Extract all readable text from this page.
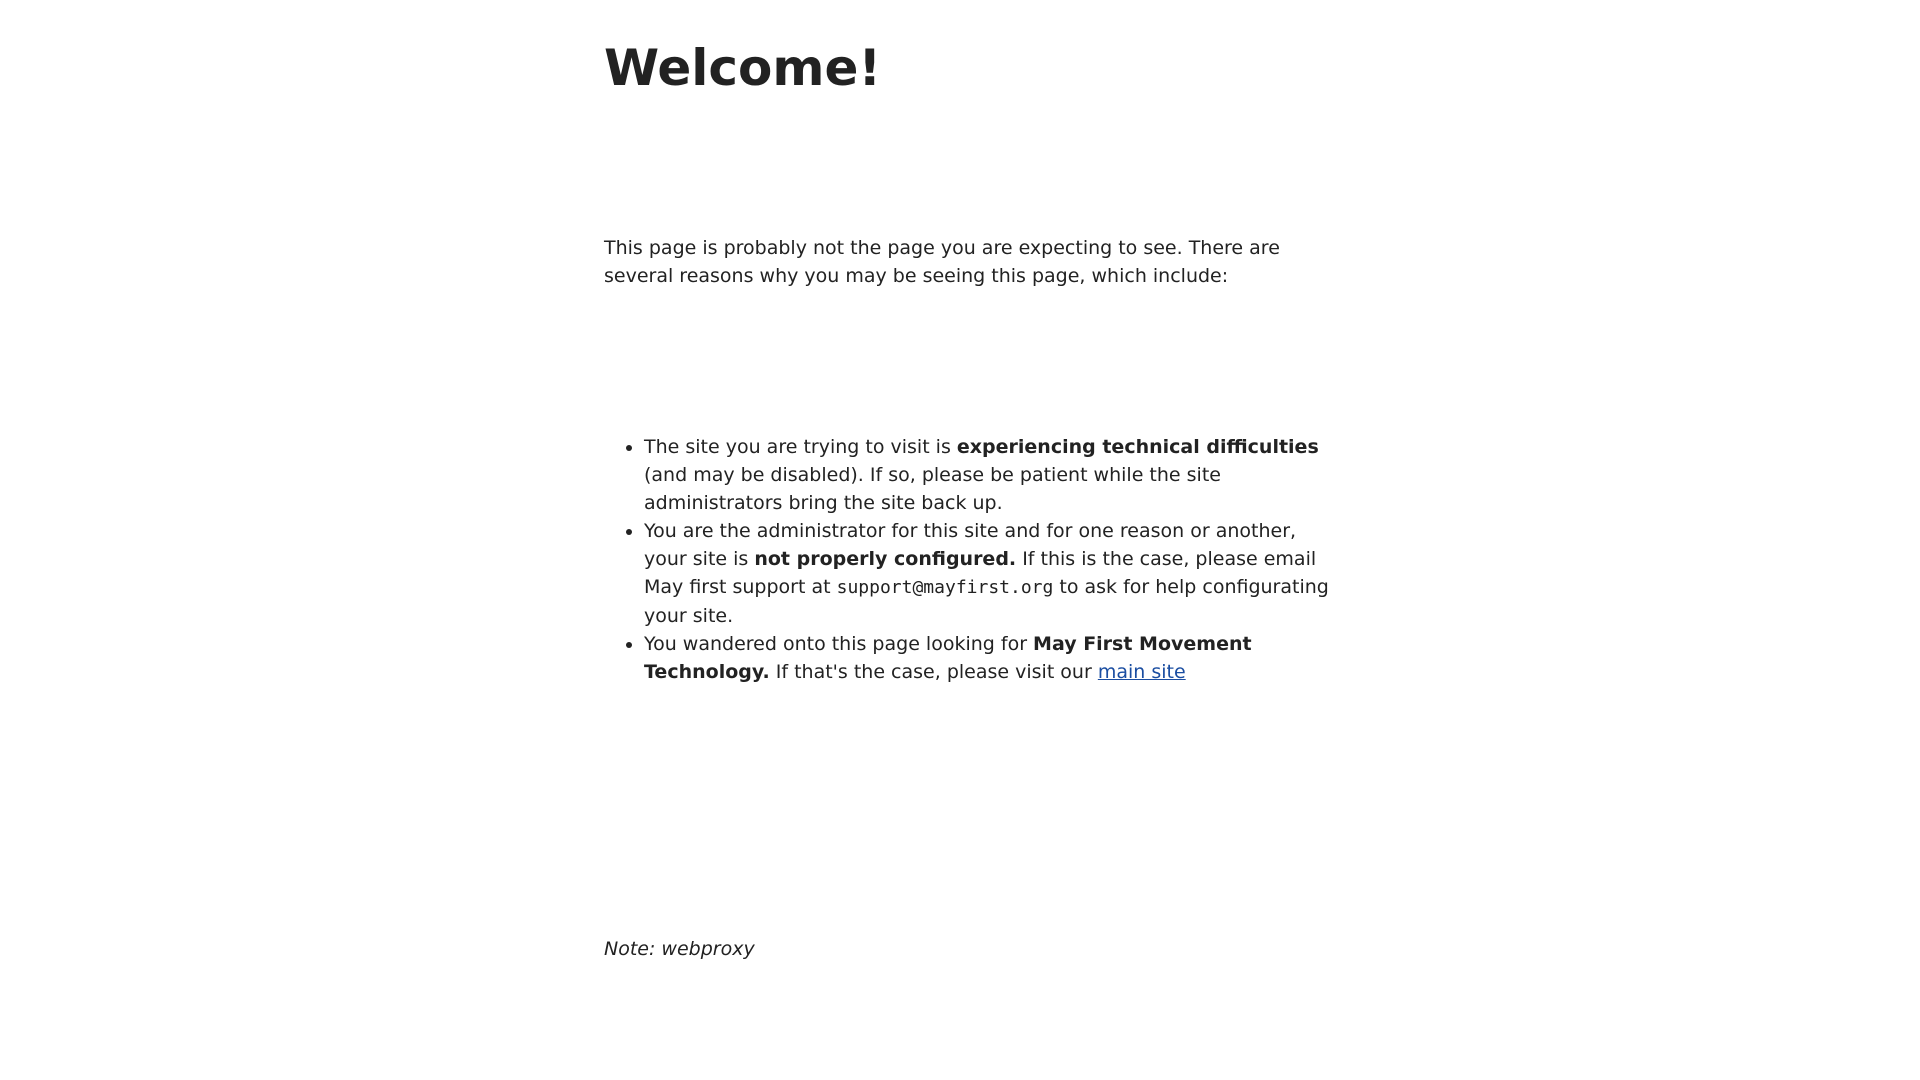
Welcome!

This page is probably not the page you are expecting to see. There are several reasons why you may be seeing this page, which include:

• The site you are trying to visit is experiencing technical difficulties (and may be disabled). If so, please be patient while the site administrators bring the site back up.
• You are the administrator for this site and for one reason or another, your site is not properly configured. If this is the case, please email May first support at support@mayfirst.org to ask for help configurating your site.
• You wandered onto this page looking for May First Movement Technology. If that's the case, please visit our main site

Note: webproxy
